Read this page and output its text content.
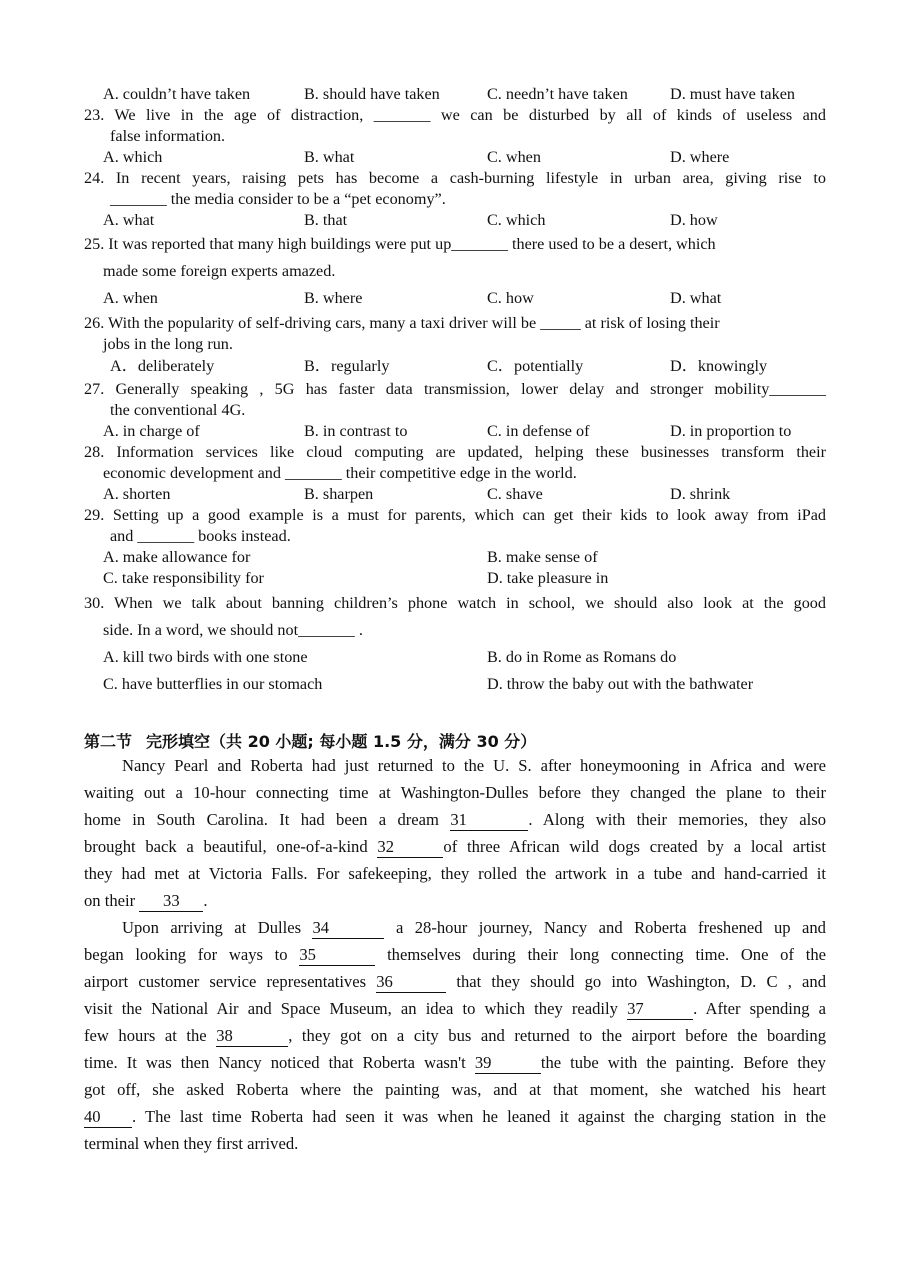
A. couldn’t have taken	B. should have taken	C. needn’t have taken	D. must have taken
23. We live in the age of distraction, _______ we can be disturbed by all of kinds of useless and
false information.
A. which	B. what	C. when	D. where
24. In recent years, raising pets has become a cash-burning lifestyle in urban area, giving rise to
_______ the media consider to be a “pet economy”.
A. what	B. that	C. which	D. how
25. It was reported that many high buildings were put up_______ there used to be a desert, which
made some foreign experts amazed.
A. when	B. where	C. how	D. what
26. With the popularity of self-driving cars, many a taxi driver will be _____ at risk of losing their
jobs in the long run.
A．deliberately	B．regularly	C．potentially	D．knowingly
27. Generally speaking , 5G has faster data transmission, lower delay and stronger mobility_______
the conventional 4G.
A. in charge of	B. in contrast to	C. in defense of	D. in proportion to
28. Information services like cloud computing are updated, helping these businesses transform their
economic development and _______ their competitive edge in the world.
A. shorten	B. sharpen	C. shave	D. shrink
29. Setting up a good example is a must for parents, which can get their kids to look away from iPad
and _______ books instead.
A. make allowance for	B. make sense of
C. take responsibility for	D. take pleasure in
30. When we talk about banning children’s phone watch in school, we should also look at the good
side. In a word, we should not_______ .
A. kill two birds with one stone	B. do in Rome as Romans do
C. have butterflies in our stomach	D. throw the baby out with the bathwater
第二节 完形填空（共 20 小题; 每小题 1.5 分，满分 30 分）
Nancy Pearl and Roberta had just returned to the U. S. after honeymooning in Africa and were
waiting out a 10-hour connecting time at Washington-Dulles before they changed the plane to their
home in South Carolina. It had been a dream 31	. Along with their memories, they also
brought back a beautiful, one-of-a-kind 32	of three African wild dogs created by a local artist
they had met at Victoria Falls. For safekeeping, they rolled the artwork in a tube and hand-carried it
on their 33 .
Upon arriving at Dulles 34	a 28-hour journey, Nancy and Roberta freshened up and
began looking for ways to 35	themselves during their long connecting time. One of the
airport customer service representatives 36	that they should go into Washington, D. C , and
visit the National Air and Space Museum, an idea to which they readily 37	. After spending a
few hours at the 38	, they got on a city bus and returned to the airport before the boarding
time. It was then Nancy noticed that Roberta wasn't 39	the tube with the painting. Before they
got off, she asked Roberta where the painting was, and at that moment, she watched his heart
40 . The last time Roberta had seen it was when he leaned it against the charging station in the
terminal when they first arrived.
